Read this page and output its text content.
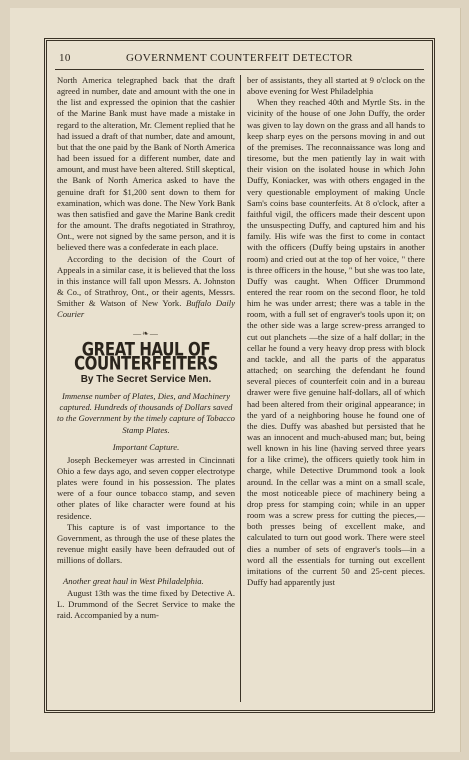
10	GOVERNMENT COUNTERFEIT DETECTOR

North America telegraphed back that the draft agreed in number, date and amount with the one in the list and expressed the opinion that the cashier of the Marine Bank must have made a mistake in regard to the alteration, Mr. Clement replied that he had issued a draft of that number, date and amount, but that the one paid by the Bank of North America had been issued for a different number, date and amount, and must have been altered. Still skeptical, the Bank of North America asked to have the genuine draft for $1,200 sent down to them for examination, which was done. The New York Bank was then satisfied and gave the Marine Bank credit for the amount. The drafts negotiated in Strathroy, Ont., were not signed by the same person, and it is believed there was a confederate in each place.

According to the decision of the Court of Appeals in a similar case, it is believed that the loss in this instance will fall upon Messrs. A. Johnston & Co., of Strathroy, Ont., or their agents, Messrs. Smither & Watson of New York. Buffalo Daily Courier

—❧—
GREAT HAUL OF COUNTERFEITERS
By The Secret Service Men.
Immense number of Plates, Dies, and Machinery captured. Hundreds of thousands of Dollars saved to the Government by the timely capture of Tobacco Stamp Plates.
Important Capture.

Joseph Beckemeyer was arrested in Cincinnati Ohio a few days ago, and seven copper electrotype plates were found in his possession. The plates were of a four ounce tobacco stamp, and seven other plates of like character were found at his residence.

This capture is of vast importance to the Government, as through the use of these plates the revenue might easily have been defrauded out of millions of dollars.

Another great haul in West Philadelphia.

August 13th was the time fixed by Detective A. L. Drummond of the Secret Service to make the raid. Accompanied by a num-

ber of assistants, they all started at 9 o'clock on the above evening for West Philadelphia

When they reached 40th and Myrtle Sts. in the vicinity of the house of one John Duffy, the order was given to lay down on the grass and all hands to keep sharp eyes on the persons moving in and out of the premises. The reconnaissance was long and tiresome, but the men patiently lay in wait with their vision on the isolated house in which John Duffy, Koniacker, was with others engaged in the very questionable employment of making Uncle Sam's coins base counterfeits. At 8 o'clock, after a faithful vigil, the officers made their descent upon the unsuspecting Duffy, and captured him and his family. His wife was the first to come in contact with the officers (Duffy being upstairs in another room) and cried out at the top of her voice, " there is three officers in the house, " but she was too late, Duffy was caught. When Officer Drummond entered the rear room on the second floor, he told him he was under arrest; there was a table in the room, with a full set of engraver's tools upon it; on the other side was a large screw-press arranged to cut out planchets —the size of a half dollar; in the cellar he found a very heavy drop press with block and tackle, and all the parts of the apparatus attached; on searching the defendant he found several pieces of counterfeit coin and in a bureau drawer were five genuine half-dollars, all of which had been altered from their original appearance; in the yard of a neighboring house he found one of the dies. Duffy was abashed but persisted that he was an innocent and much-abused man; but, being well known in his line (having served three years for a like crime), the officers quietly took him in charge, while Detective Drummond took a look around. In the cellar was a mint on a small scale, the most noticeable piece of machinery being a drop press for stamping coin; while in an upper room was a screw press for cutting the pieces,—both presses being of excellent make, and calculated to turn out good work. There were steel dies a number of sets of engraver's tools—in a word all the essentials for turning out excellent imitations of the current 50 and 25-cent pieces. Duffy had apparently just
